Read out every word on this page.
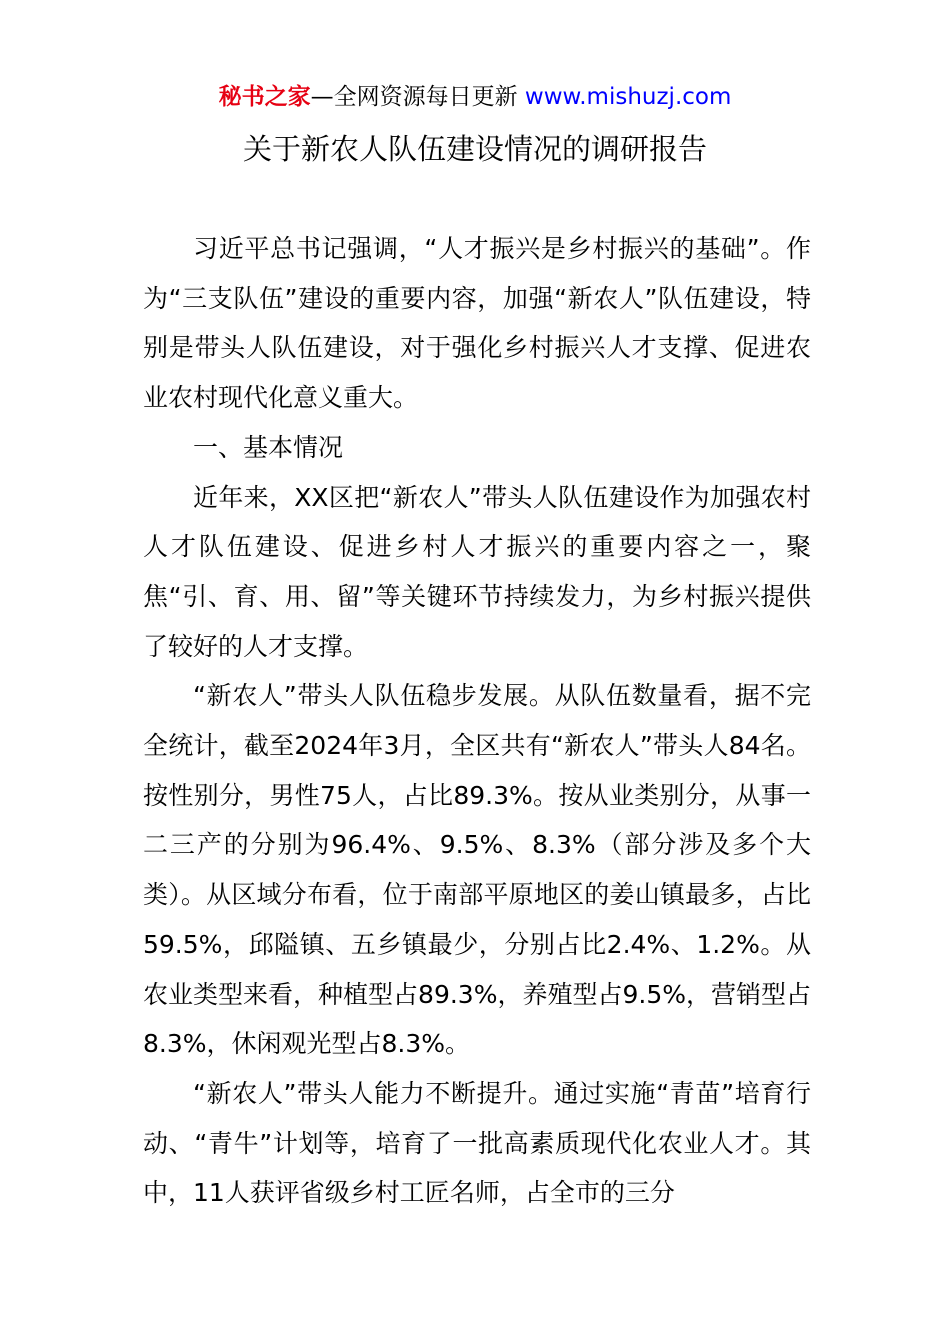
秘书之家—全网资源每日更新 www.mishuzj.com
关于新农人队伍建设情况的调研报告

习近平总书记强调，“人才振兴是乡村振兴的基础”。作为“三支队伍”建设的重要内容，加强“新农人”队伍建设，特别是带头人队伍建设，对于强化乡村振兴人才支撑、促进农业农村现代化意义重大。

一、基本情况

近年来，XX区把“新农人”带头人队伍建设作为加强农村人才队伍建设、促进乡村人才振兴的重要内容之一，聚焦“引、育、用、留”等关键环节持续发力，为乡村振兴提供了较好的人才支撑。

“新农人”带头人队伍稳步发展。从队伍数量看，据不完全统计，截至2024年3月，全区共有“新农人”带头人84名。按性别分，男性75人，占比89.3%。按从业类别分，从事一二三产的分别为96.4%、9.5%、8.3%（部分涉及多个大类）。从区域分布看，位于南部平原地区的姜山镇最多，占比59.5%，邱隘镇、五乡镇最少，分别占比2.4%、1.2%。从农业类型来看，种植型占89.3%，养殖型占9.5%，营销型占8.3%，休闲观光型占8.3%。

“新农人”带头人能力不断提升。通过实施“青苗”培育行动、“青牛”计划等，培育了一批高素质现代化农业人才。其中，11人获评省级乡村工匠名师，占全市的三分
